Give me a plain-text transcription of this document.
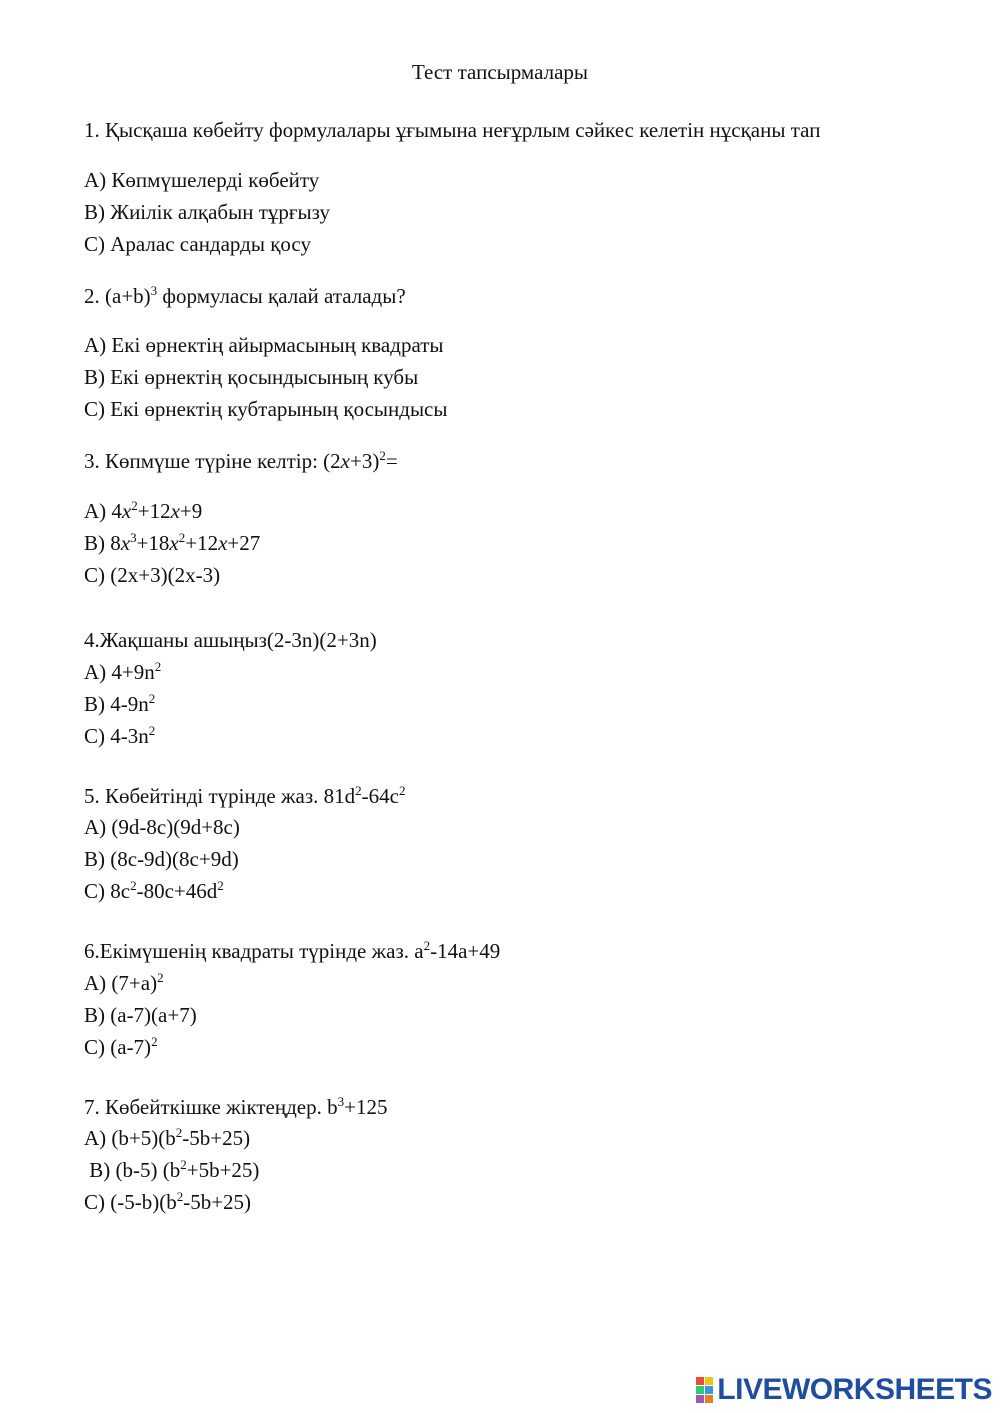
Тест тапсырмалары
1. Қысқаша көбейту формулалары ұғымына неғұрлым сәйкес келетін нұсқаны тап
A) Көпмүшелерді көбейту
B) Жиілік алқабын тұрғызу
C) Аралас сандарды қосу
2. $(a+b)^3$ формуласы қалай аталады?
A) Екі өрнектің айырмасының квадраты
B) Екі өрнектің қосындысының кубы
C) Екі өрнектің кубтарының қосындысы
3. Көпмүше түріне келтір: $(2x+3)^2=$
A) $4x^2+12x+9$
B) $8x^3+18x^2+12x+27$
C) (2x+3)(2x-3)
4.Жақшаны ашыңыз(2-3n)(2+3n)
A) $4+9n^2$
B) $4-9n^2$
C) $4-3n^2$
5. Көбейтінді түрінде жаз. $81d^2-64c^2$
A) (9d-8c)(9d+8c)
B) (8c-9d)(8c+9d)
C) $8c^2-80c+46d^2$
6.Екімүшенің квадраты түрінде жаз. $a^2-14a+49$
A) $(7+a)^2$
B) (a-7)(a+7)
C) $(a-7)^2$
7. Көбейткішке жіктеңдер. $b^3+125$
A) $(b+5)(b^2-5b+25)$
B) (b-5) $(b^2+5b+25)$
C) $(-5-b)(b^2-5b+25)$
LIVEWORKSHEETS
